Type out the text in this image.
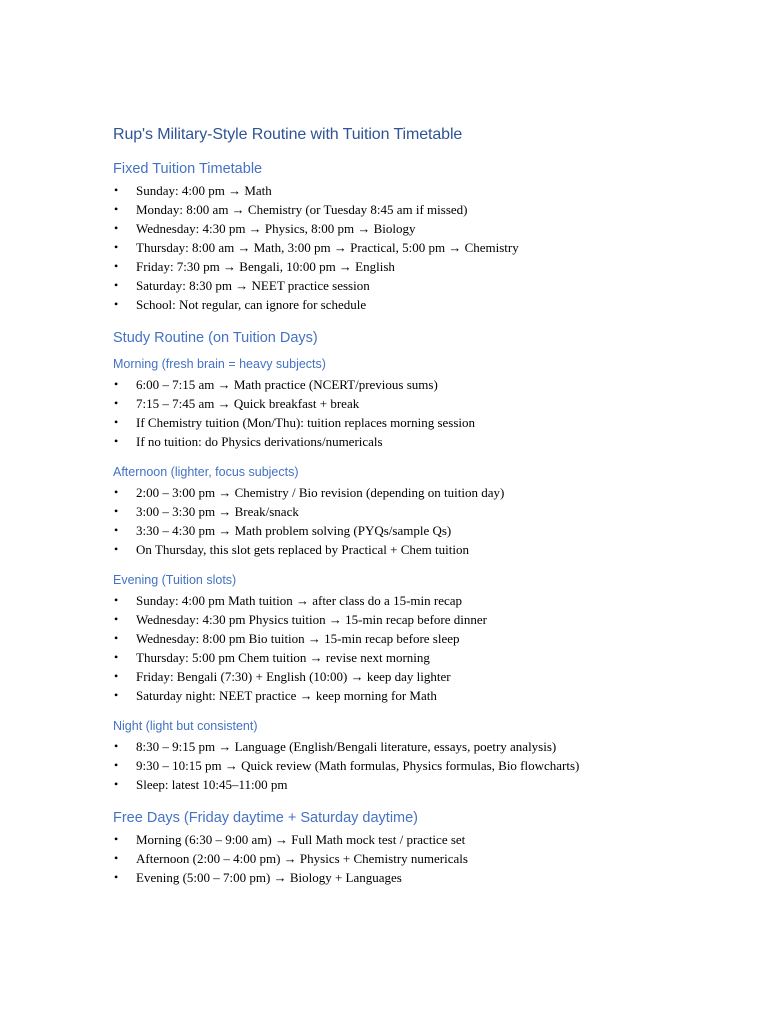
Rup's Military-Style Routine with Tuition Timetable
Fixed Tuition Timetable
• Sunday: 4:00 pm → Math
• Monday: 8:00 am → Chemistry (or Tuesday 8:45 am if missed)
• Wednesday: 4:30 pm → Physics, 8:00 pm → Biology
• Thursday: 8:00 am → Math, 3:00 pm → Practical, 5:00 pm → Chemistry
• Friday: 7:30 pm → Bengali, 10:00 pm → English
• Saturday: 8:30 pm → NEET practice session
• School: Not regular, can ignore for schedule
Study Routine (on Tuition Days)
Morning (fresh brain = heavy subjects)
• 6:00 – 7:15 am → Math practice (NCERT/previous sums)
• 7:15 – 7:45 am → Quick breakfast + break
• If Chemistry tuition (Mon/Thu): tuition replaces morning session
• If no tuition: do Physics derivations/numericals
Afternoon (lighter, focus subjects)
• 2:00 – 3:00 pm → Chemistry / Bio revision (depending on tuition day)
• 3:00 – 3:30 pm → Break/snack
• 3:30 – 4:30 pm → Math problem solving (PYQs/sample Qs)
• On Thursday, this slot gets replaced by Practical + Chem tuition
Evening (Tuition slots)
• Sunday: 4:00 pm Math tuition → after class do a 15-min recap
• Wednesday: 4:30 pm Physics tuition → 15-min recap before dinner
• Wednesday: 8:00 pm Bio tuition → 15-min recap before sleep
• Thursday: 5:00 pm Chem tuition → revise next morning
• Friday: Bengali (7:30) + English (10:00) → keep day lighter
• Saturday night: NEET practice → keep morning for Math
Night (light but consistent)
• 8:30 – 9:15 pm → Language (English/Bengali literature, essays, poetry analysis)
• 9:30 – 10:15 pm → Quick review (Math formulas, Physics formulas, Bio flowcharts)
• Sleep: latest 10:45–11:00 pm
Free Days (Friday daytime + Saturday daytime)
• Morning (6:30 – 9:00 am) → Full Math mock test / practice set
• Afternoon (2:00 – 4:00 pm) → Physics + Chemistry numericals
• Evening (5:00 – 7:00 pm) → Biology + Languages
